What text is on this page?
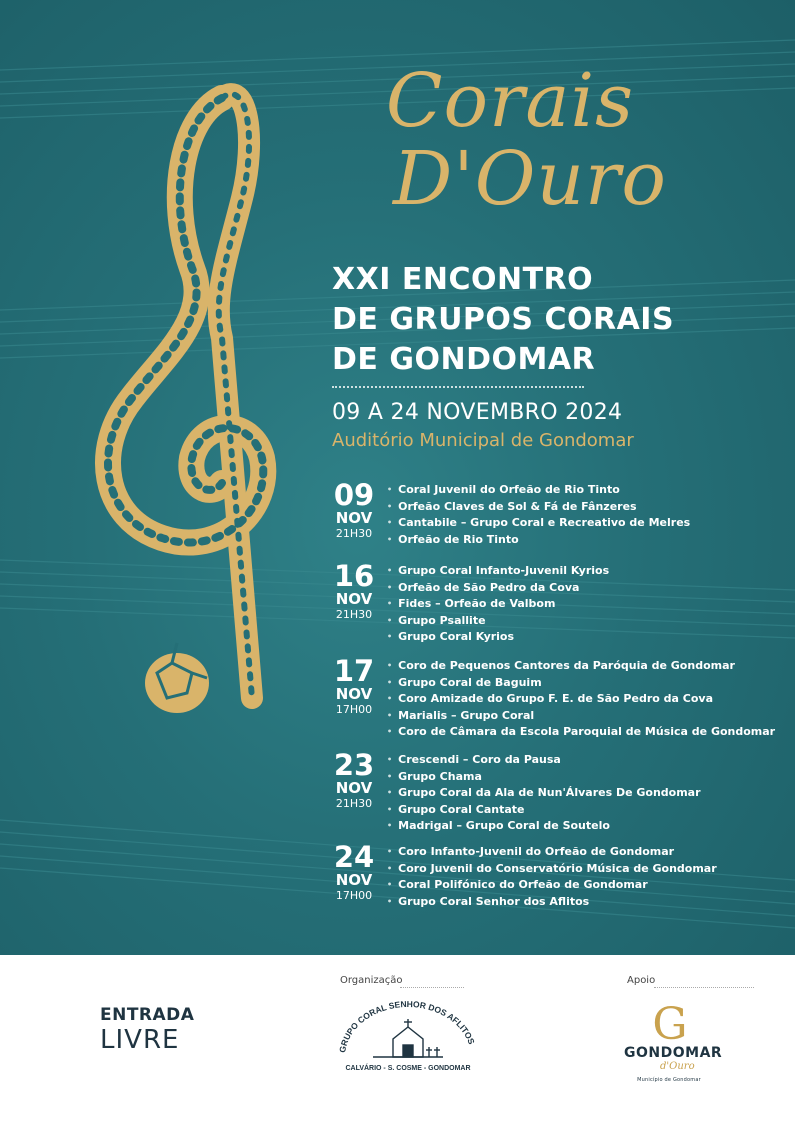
Corais
D'Ouro
XXI ENCONTRO
DE GRUPOS CORAIS
DE GONDOMAR
09 A 24 NOVEMBRO 2024
Auditório Municipal de Gondomar
09
NOV
21H30
• Coral Juvenil do Orfeão de Rio Tinto
• Orfeão Claves de Sol & Fá de Fânzeres
• Cantabile – Grupo Coral e Recreativo de Melres
• Orfeão de Rio Tinto
16
NOV
21H30
• Grupo Coral Infanto-Juvenil Kyrios
• Orfeão de São Pedro da Cova
• Fides – Orfeão de Valbom
• Grupo Psallite
• Grupo Coral Kyrios
17
NOV
17H00
• Coro de Pequenos Cantores da Paróquia de Gondomar
• Grupo Coral de Baguim
• Coro Amizade do Grupo F. E. de São Pedro da Cova
• Marialis – Grupo Coral
• Coro de Câmara da Escola Paroquial de Música de Gondomar
23
NOV
21H30
• Crescendi – Coro da Pausa
• Grupo Chama
• Grupo Coral da Ala de Nun'Álvares De Gondomar
• Grupo Coral Cantate
• Madrigal – Grupo Coral de Soutelo
24
NOV
17H00
• Coro Infanto-Juvenil do Orfeão de Gondomar
• Coro Juvenil do Conservatório Música de Gondomar
• Coral Polifónico do Orfeão de Gondomar
• Grupo Coral Senhor dos Aflitos
ENTRADA
LIVRE
Organização
GRUPO CORAL SENHOR DOS AFLITOS
CALVÁRIO - S. COSME - GONDOMAR
Apoio
G
GONDOMAR
d'Ouro
Município de Gondomar
